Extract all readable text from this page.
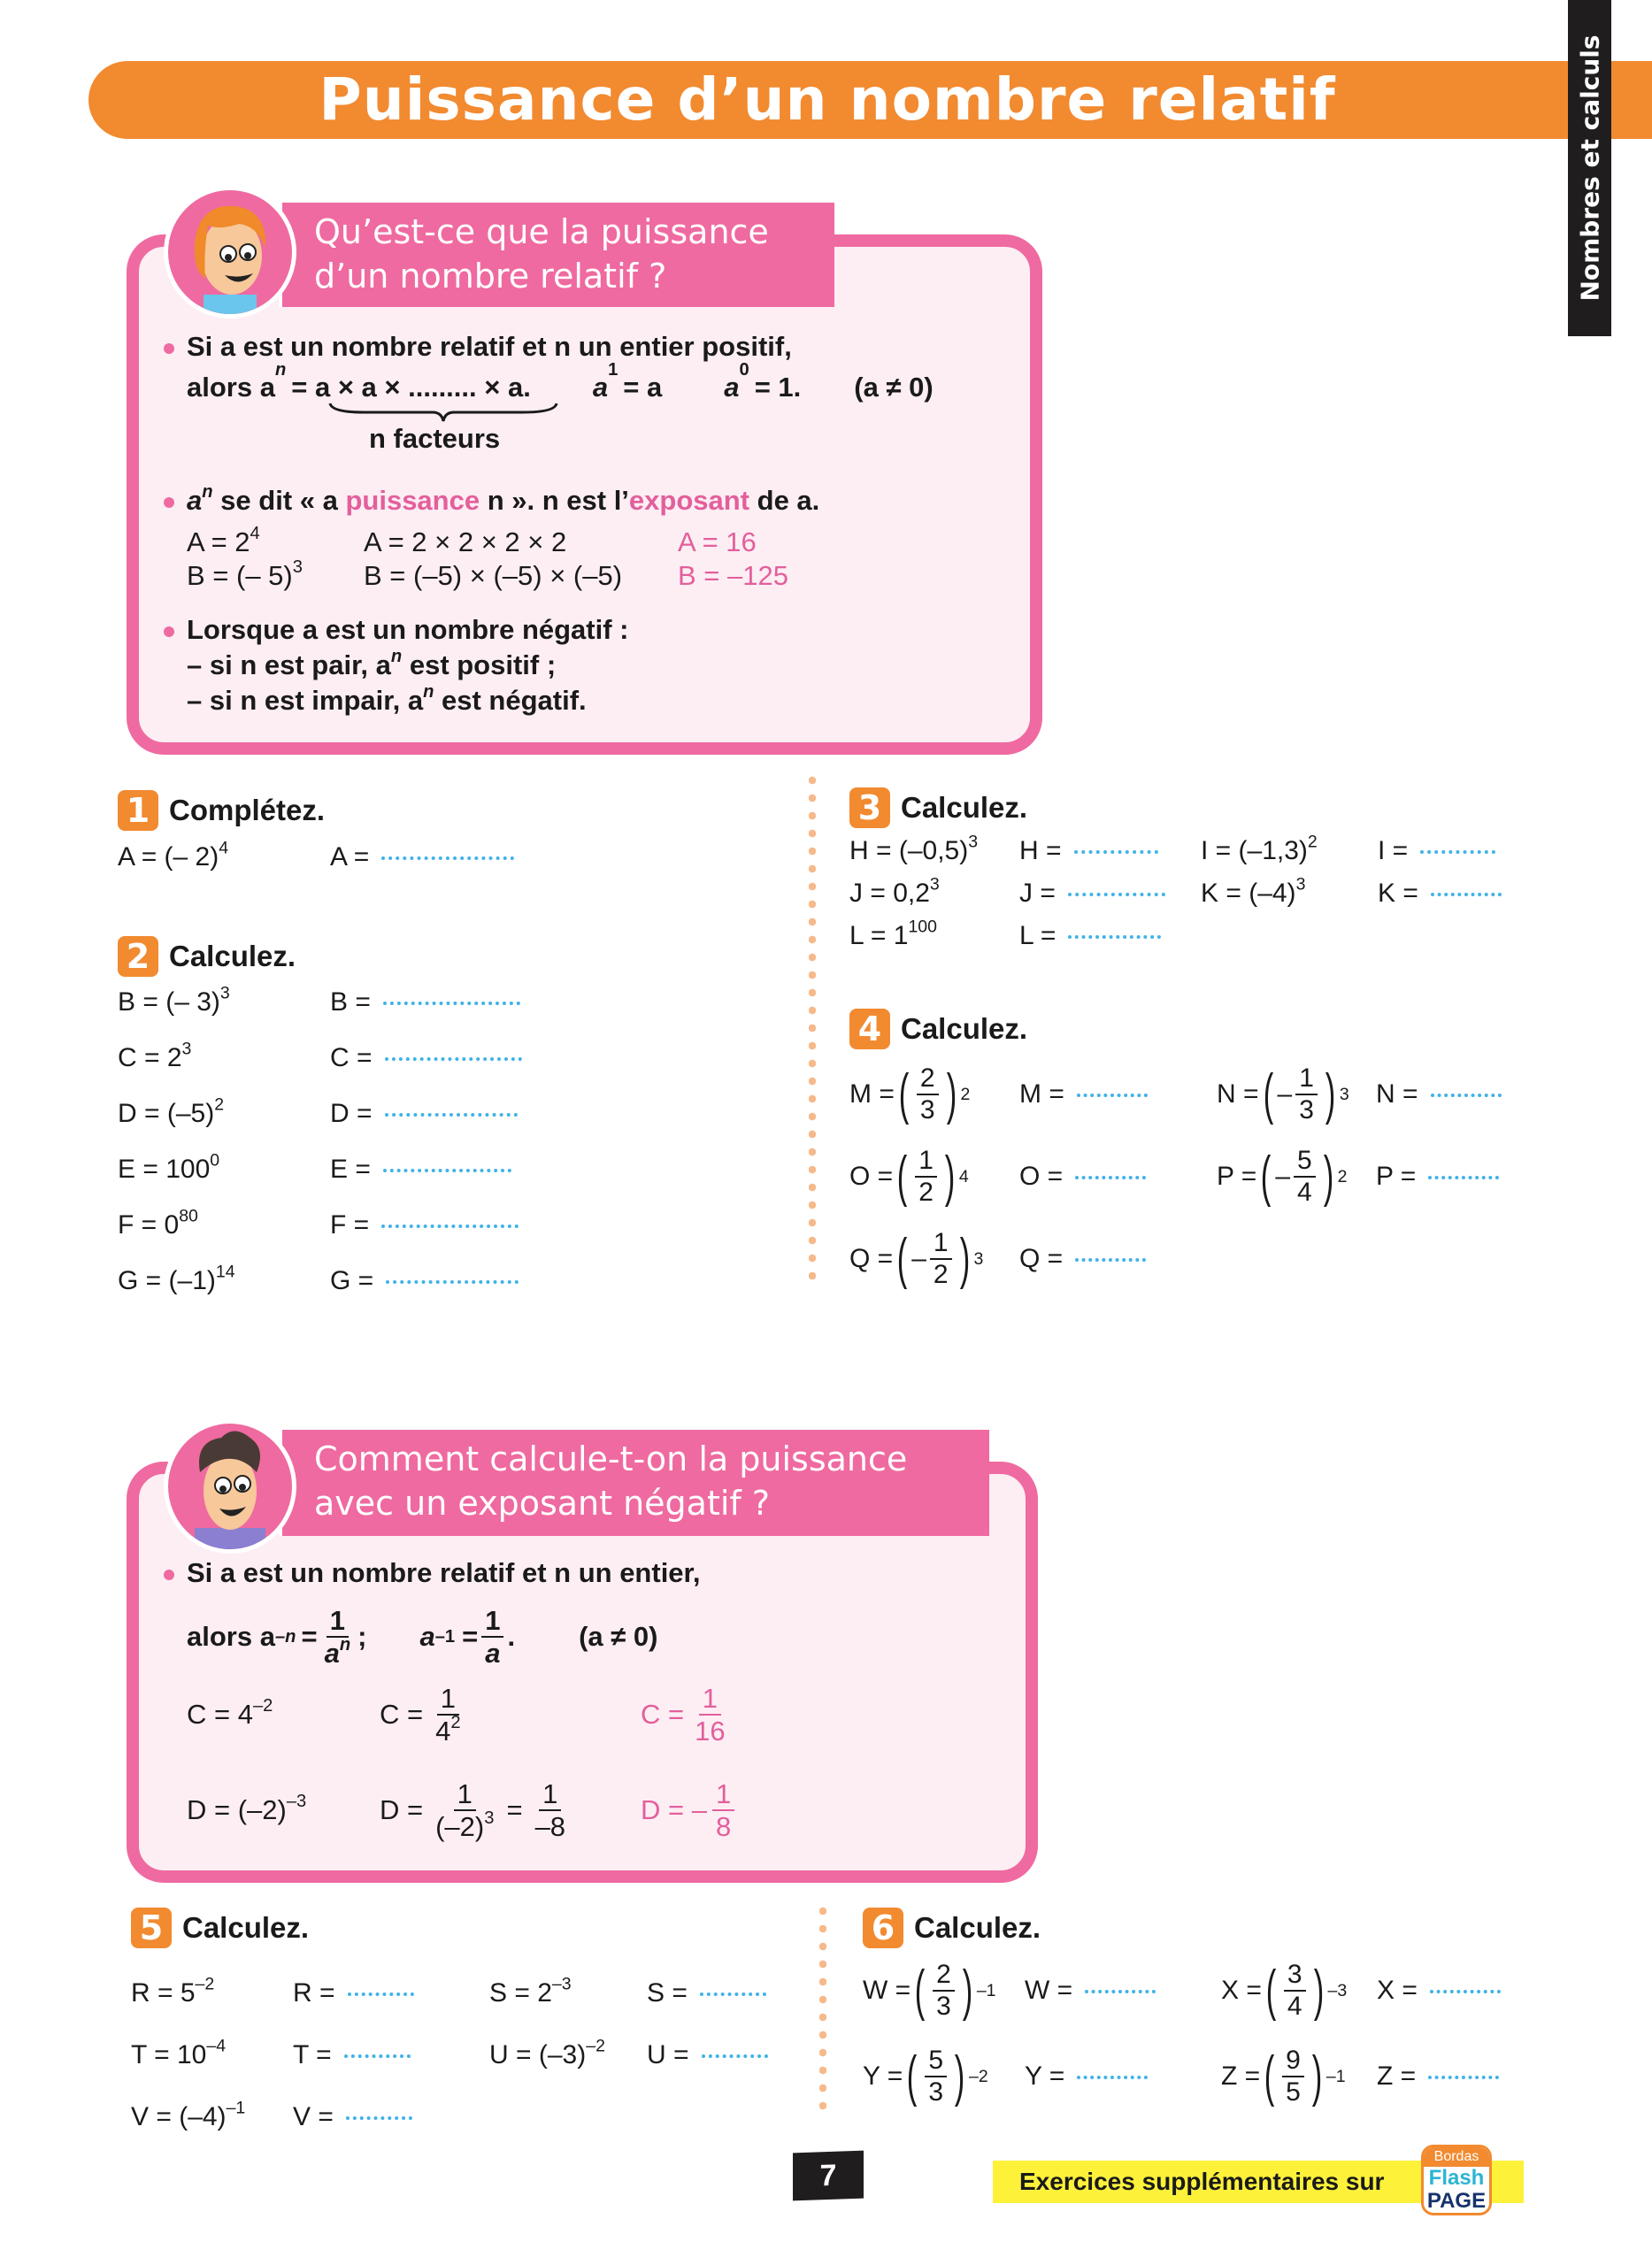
Puissance d’un nombre relatif	Nombres et calculs
Qu’est-ce que la puissance
d’un nombre relatif ?
Si a est un nombre relatif et n un entier positif,
alors a
n
= a × a × ......... × a. a
1
= a a
0
= 1. (a ≠ 0)
n facteurs
$a^n$ se dit « a puissance n ». n est l’exposant de a.
$A = 2^4$	A = 2 × 2 × 2 × 2	A = 16
B = (– 5)$^3$	B = (–5) × (–5) × (–5)	B = –125
Lorsque a est un nombre négatif :
– si n est pair, $a^n$ est positif ;
– si n est impair, $a^n$ est négatif.
1 Complétez.
A = (– 2)$^4$	A =
2 Calculez.
B = (– 3)$^3$	B =
$C = 2^3$	C =
$D = (-5)^2$	D =
$E = 100^0$	E =
$F = 0^{80}$	F =
$G = (-1)^{14}$	G =
3 Calculez.
$H = (-0,5)^3$	H =	$I = (-1,3)^2$	I =
$J = 0,2^3$	J =	$K = (-4)^3$	K =
$L = 1^{100}$	L =
4 Calculez.
M = ( $\frac{2}{3}$ ) 2 M =	N = ( – $\frac{1}{3}$ ) 3 N =
O = ( $\frac{1}{2}$ ) 4 O =	P = ( – $\frac{5}{4}$ ) 2 P =
Q = ( – $\frac{1}{2}$ ) 3 Q =
Comment calcule-t-on la puissance
avec un exposant négatif ?
Si a est un nombre relatif et n un entier,
alors a $-n = \frac{1}{a^n}$ ; a $-1 = \frac{1}{a}$ . (a ≠ 0)
$C = 4^{-2}$	$C = \frac{1}{4^2}$	$C = \frac{1}{16}$
$D = (-2)^{-3}$	$D = \frac{1}{(-2)^3} = \frac{1}{-8}$	D = – $\frac{1}{8}$
5 Calculez.
$R = 5^{-2}$	R =	$S = 2^{-3}$	S =
$T = 10^{-4}$	T =	$U = (-3)^{-2}$	U =
$V = (-4)^{-1}$	V =
6 Calculez.
W = ( $\frac{2}{3}$ ) –1 W =	X = ( $\frac{3}{4}$ ) –3 X =
Y = ( $\frac{5}{3}$ ) –2 Y =	Z = ( $\frac{9}{5}$ ) –1 Z =
7	Exercices supplémentaires sur
Bordas
Flash
PAGE
